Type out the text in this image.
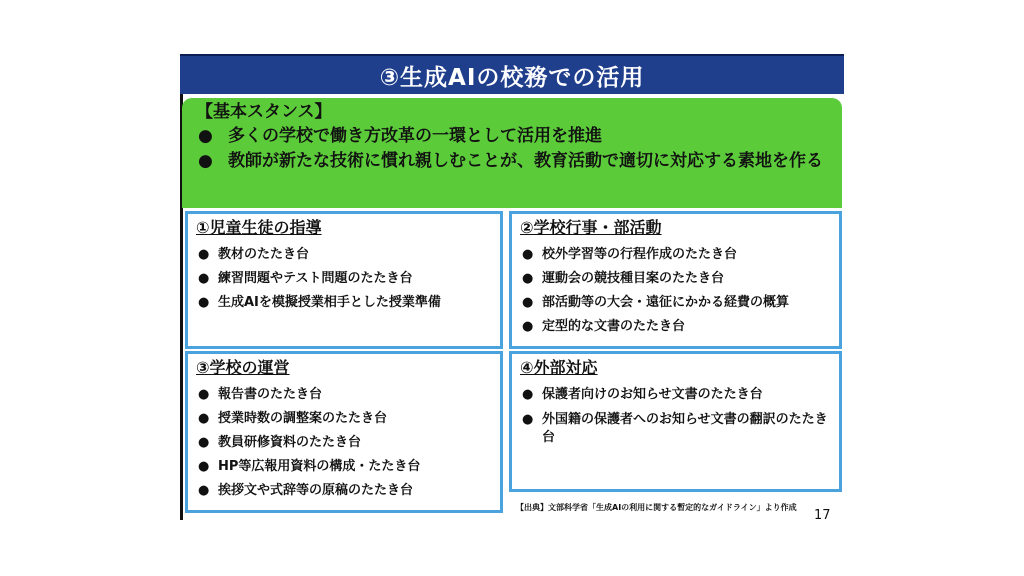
③生成AIの校務での活用
【基本スタンス】
● 多くの学校で働き方改革の一環として活用を推進
● 教師が新たな技術に慣れ親しむことが、教育活動で適切に対応する素地を作る
①児童生徒の指導
● 教材のたたき台
● 練習問題やテスト問題のたたき台
● 生成AIを模擬授業相手とした授業準備
②学校行事・部活動
● 校外学習等の行程作成のたたき台
● 運動会の競技種目案のたたき台
● 部活動等の大会・遠征にかかる経費の概算
● 定型的な文書のたたき台
③学校の運営
● 報告書のたたき台
● 授業時数の調整案のたたき台
● 教員研修資料のたたき台
● HP等広報用資料の構成・たたき台
● 挨拶文や式辞等の原稿のたたき台
④外部対応
● 保護者向けのお知らせ文書のたたき台
● 外国籍の保護者へのお知らせ文書の翻訳のたたき台
【出典】文部科学省「生成AIの利用に関する暫定的なガイドライン」より作成
17
